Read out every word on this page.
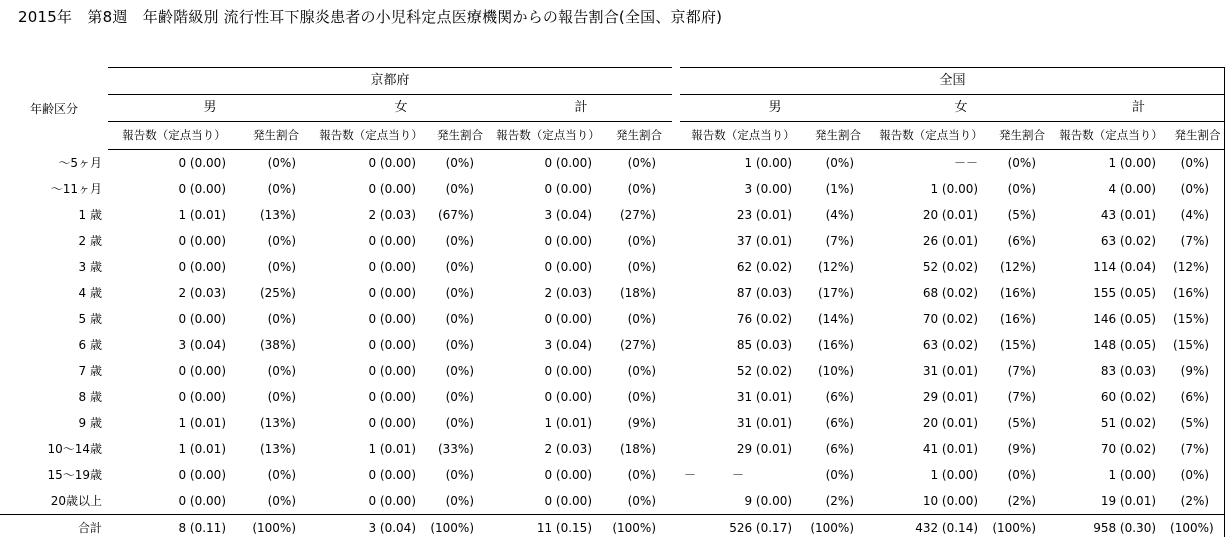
2015年　第8週　年齢階級別 流行性耳下腺炎患者の小児科定点医療機関からの報告割合(全国、京都府)
年齢区分	京都府							全国					
	男		女		計			男		女		計	
	報告数（定点当り）	発生割合	報告数（定点当り）	発生割合	報告数（定点当り）	発生割合		報告数（定点当り）	発生割合	報告数（定点当り）	発生割合	報告数（定点当り）	発生割合
～5ヶ月	0 (0.00)	(0%)	0 (0.00)	(0%)	0 (0.00)	(0%)		1 (0.00)	(0%)	－－	(0%)	1 (0.00)	(0%)
～11ヶ月	0 (0.00)	(0%)	0 (0.00)	(0%)	0 (0.00)	(0%)		3 (0.00)	(1%)	1 (0.00)	(0%)	4 (0.00)	(0%)
1 歳	1 (0.01)	(13%)	2 (0.03)	(67%)	3 (0.04)	(27%)		23 (0.01)	(4%)	20 (0.01)	(5%)	43 (0.01)	(4%)
2 歳	0 (0.00)	(0%)	0 (0.00)	(0%)	0 (0.00)	(0%)		37 (0.01)	(7%)	26 (0.01)	(6%)	63 (0.02)	(7%)
3 歳	0 (0.00)	(0%)	0 (0.00)	(0%)	0 (0.00)	(0%)		62 (0.02)	(12%)	52 (0.02)	(12%)	114 (0.04)	(12%)
4 歳	2 (0.03)	(25%)	0 (0.00)	(0%)	2 (0.03)	(18%)		87 (0.03)	(17%)	68 (0.02)	(16%)	155 (0.05)	(16%)
5 歳	0 (0.00)	(0%)	0 (0.00)	(0%)	0 (0.00)	(0%)		76 (0.02)	(14%)	70 (0.02)	(16%)	146 (0.05)	(15%)
6 歳	3 (0.04)	(38%)	0 (0.00)	(0%)	3 (0.04)	(27%)		85 (0.03)	(16%)	63 (0.02)	(15%)	148 (0.05)	(15%)
7 歳	0 (0.00)	(0%)	0 (0.00)	(0%)	0 (0.00)	(0%)		52 (0.02)	(10%)	31 (0.01)	(7%)	83 (0.03)	(9%)
8 歳	0 (0.00)	(0%)	0 (0.00)	(0%)	0 (0.00)	(0%)		31 (0.01)	(6%)	29 (0.01)	(7%)	60 (0.02)	(6%)
9 歳	1 (0.01)	(13%)	0 (0.00)	(0%)	1 (0.01)	(9%)		31 (0.01)	(6%)	20 (0.01)	(5%)	51 (0.02)	(5%)
10～14歳	1 (0.01)	(13%)	1 (0.01)	(33%)	2 (0.03)	(18%)		29 (0.01)	(6%)	41 (0.01)	(9%)	70 (0.02)	(7%)
15～19歳	0 (0.00)	(0%)	0 (0.00)	(0%)	0 (0.00)	(0%)		－　　　－	(0%)	1 (0.00)	(0%)	1 (0.00)	(0%)
20歳以上	0 (0.00)	(0%)	0 (0.00)	(0%)	0 (0.00)	(0%)		9 (0.00)	(2%)	10 (0.00)	(2%)	19 (0.01)	(2%)
合計	8 (0.11)	(100%)	3 (0.04)	(100%)	11 (0.15)	(100%)		526 (0.17)	(100%)	432 (0.14)	(100%)	958 (0.30)	(100%)
